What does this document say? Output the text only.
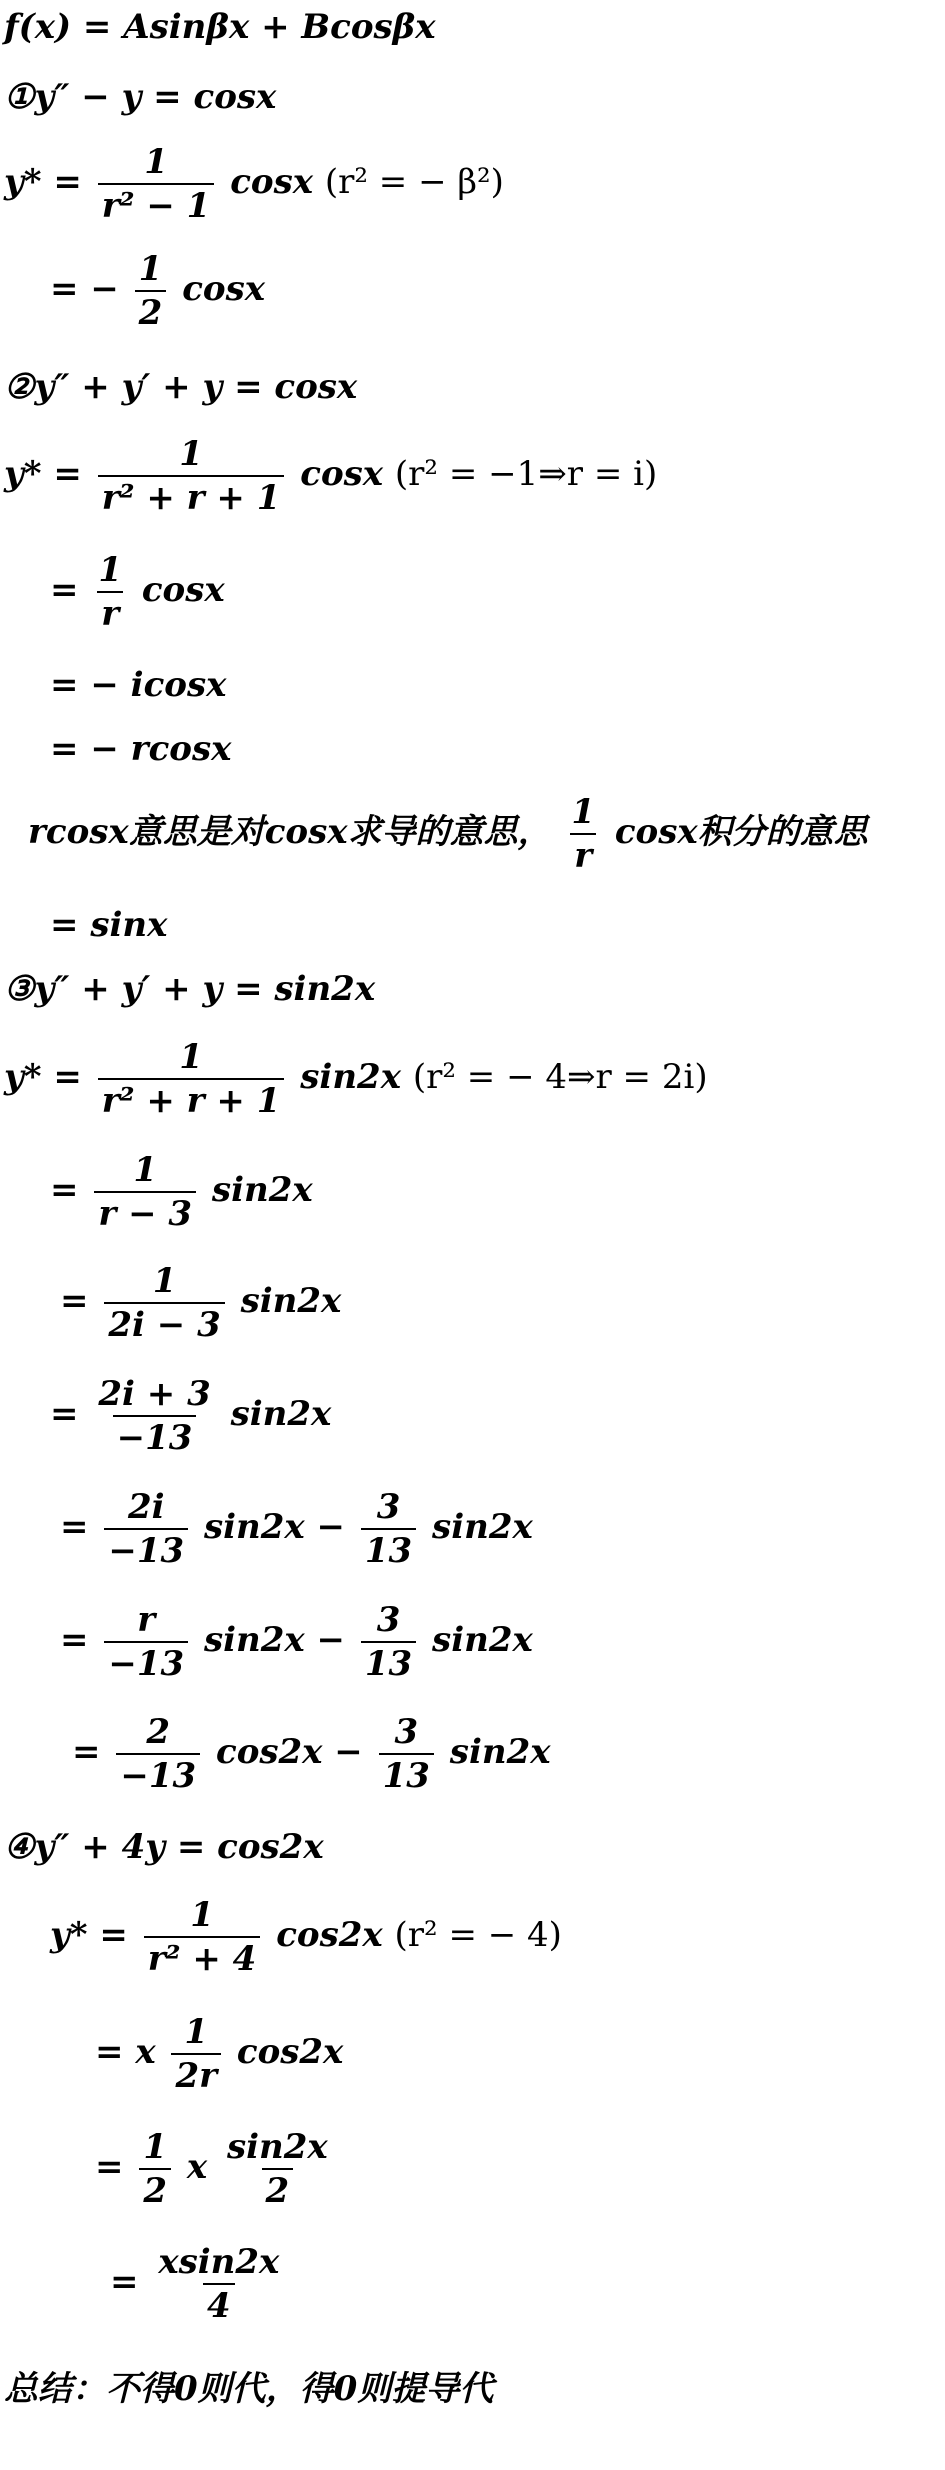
f(x) = Asinβx + Bcosβx
①y″ − y = cosx
$y* = \frac{1}{\text{r² − 1}}$ cosx (r² = − β²)
= − $\frac{1}{2}$ cosx
②y″ + y′ + y = cosx
$y* = \frac{1}{\text{r² + r + 1}}$ cosx (r² = −1⇒r = i)
= $\frac{1}{r}$ cosx
= − icosx
= − rcosx
rcosx意思是对cosx求导的意思， $\frac{1}{r}$ cosx积分的意思
= sinx
③y″ + y′ + y = sin2x
$y* = \frac{1}{\text{r² + r + 1}} \sin 2x$ (r² = − 4⇒r = 2i)
= $\frac{1}{r - 3} \sin 2x$
= $\frac{1}{2i - 3} \sin 2x$
= $\frac{2i + 3}{-13} \sin 2x$
= $\frac{2i}{-13} \sin 2x - \frac{3}{13} \sin 2x$
= $\frac{r}{-13} \sin 2x - \frac{3}{13} \sin 2x$
= $\frac{2}{-13} \cos 2x - \frac{3}{13} \sin 2x$
④y″ + 4y = cos2x
$y* = \frac{1}{\text{r² + 4}} \cos 2x$ (r² = − 4)
= x $\frac{1}{2r} \cos 2x$
= $\frac{1}{2}$ x $\frac{\sin 2x}{2}$
= $\frac{xsin2x}{4}$
总结：不得0则代，得0则提导代
